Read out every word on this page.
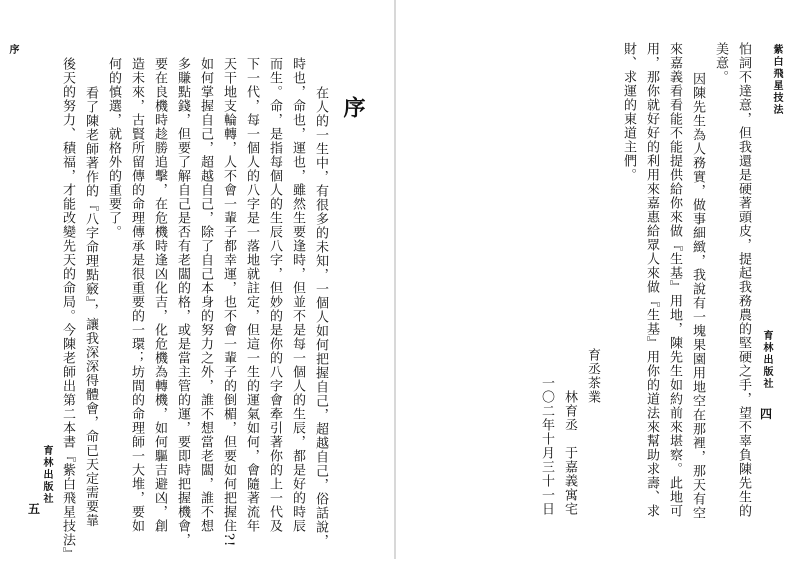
序
序
在人的一生中，有很多的未知，一個人如何把握自己，超越自己，俗話說，
時也，命也，運也，雖然生要逢時，但並不是每一個人的生辰，都是好的時辰
而生。命，是指每個人的生辰八字，但妙的是你的八字會牽引著你的上一代及
下一代，每一個人的八字是一落地就註定，但這一生的運氣如何，會隨著流年
天干地支輪轉，人不會一輩子都幸運，也不會一輩子的倒楣，但要如何把握住?!
如何掌握自己，超越自己，除了自己本身的努力之外，誰不想當老闆，誰不想
多賺點錢，但要了解自己是否有老闆的格，或是當主管的運，要即時把握機會，
要在良機時趁勝追擊，在危機時逢凶化吉，化危機為轉機，如何驅吉避凶，創
造未來，古賢所留傳的命理傳承是很重要的一環；坊間的命理師一大堆，要如
何的慎選，就格外的重要了。
看了陳老師著作的『八字命理點竅』，讓我深深得體會，命已天定需要靠
後天的努力、積福，才能改變先天的命局。今陳老師出第二本書『紫白飛星技法』
育林出版社
五
紫白飛星技法
怕詞不達意，但我還是硬著頭皮，提起我務農的堅硬之手，望不辜負陳先生的
美意。
因陳先生為人務實，做事細緻，我說有一塊果園用地空在那裡，那天有空
來嘉義看看能不能提供給你來做『生基』用地，陳先生如約前來堪察。此地可
用，那你就好好的利用來嘉惠給眾人來做『生基』用你的道法來幫助求壽、求
財、求運的東道主們。
育丞茶業
林育丞　于嘉義寓宅
一〇二年十月三十一日
育林出版社
四
